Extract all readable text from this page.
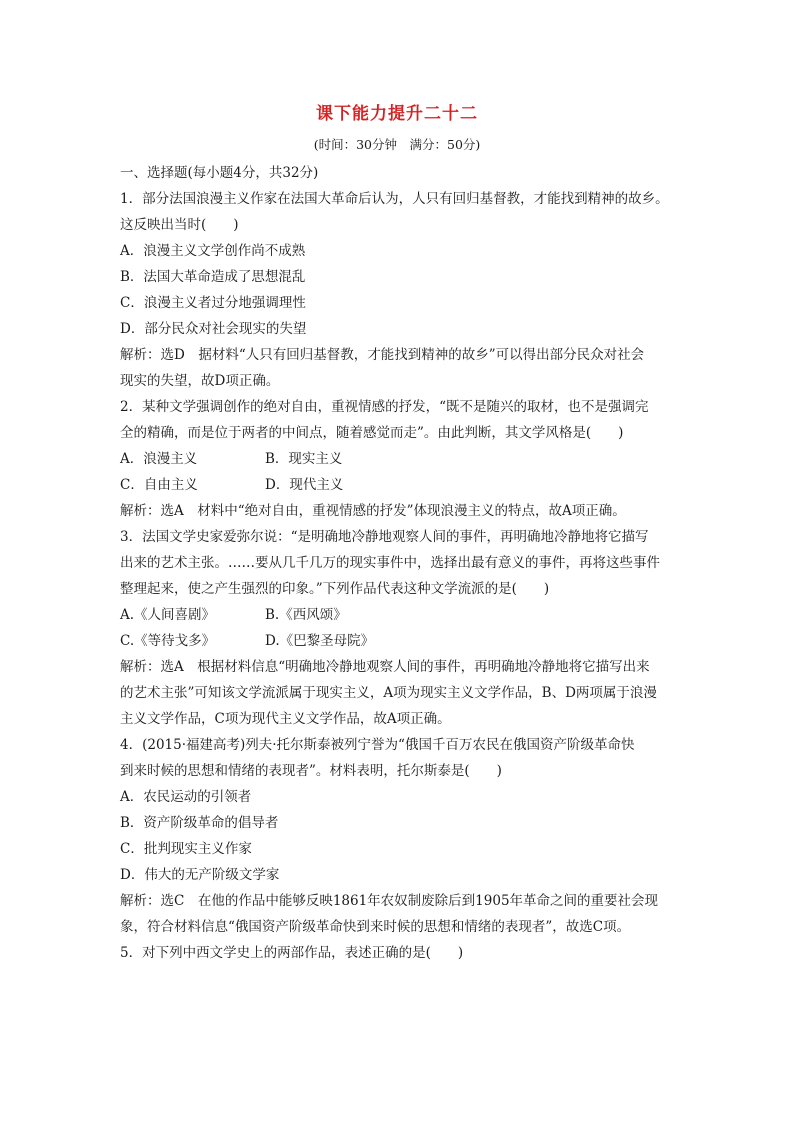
课下能力提升二十二
(时间：30分钟　满分：50分)
一、选择题(每小题4分，共32分)
1．部分法国浪漫主义作家在法国大革命后认为，人只有回归基督教，才能找到精神的故乡。
这反映出当时(　　)
A．浪漫主义文学创作尚不成熟
B．法国大革命造成了思想混乱
C．浪漫主义者过分地强调理性
D．部分民众对社会现实的失望
解析：选D　据材料“人只有回归基督教，才能找到精神的故乡”可以得出部分民众对社会
现实的失望，故D项正确。
2．某种文学强调创作的绝对自由，重视情感的抒发，“既不是随兴的取材，也不是强调完
全的精确，而是位于两者的中间点，随着感觉而走”。由此判断，其文学风格是(　　)
A．浪漫主义	B．现实主义
C．自由主义	D．现代主义
解析：选A　材料中“绝对自由，重视情感的抒发”体现浪漫主义的特点，故A项正确。
3．法国文学史家爱弥尔说：“是明确地冷静地观察人间的事件，再明确地冷静地将它描写
出来的艺术主张。……要从几千几万的现实事件中，选择出最有意义的事件，再将这些事件
整理起来，使之产生强烈的印象。”下列作品代表这种文学流派的是(　　)
A.《人间喜剧》	B.《西风颂》
C.《等待戈多》	D.《巴黎圣母院》
解析：选A　根据材料信息“明确地冷静地观察人间的事件，再明确地冷静地将它描写出来
的艺术主张”可知该文学流派属于现实主义，A项为现实主义文学作品，B、D两项属于浪漫
主义文学作品，C项为现代主义文学作品，故A项正确。
4．(2015·福建高考)列夫·托尔斯泰被列宁誉为“俄国千百万农民在俄国资产阶级革命快
到来时候的思想和情绪的表现者”。材料表明，托尔斯泰是(　　)
A．农民运动的引领者
B．资产阶级革命的倡导者
C．批判现实主义作家
D．伟大的无产阶级文学家
解析：选C　在他的作品中能够反映1861年农奴制废除后到1905年革命之间的重要社会现
象，符合材料信息“俄国资产阶级革命快到来时候的思想和情绪的表现者”，故选C项。
5．对下列中西文学史上的两部作品，表述正确的是(　　)
